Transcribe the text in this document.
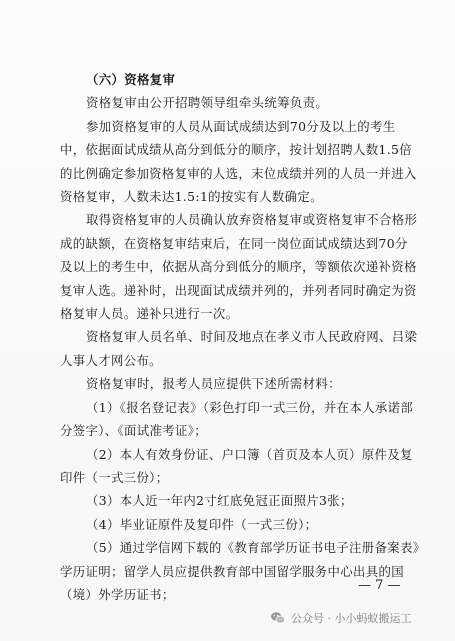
（六）资格复审

资格复审由公开招聘领导组牵头统筹负责。

参加资格复审的人员从面试成绩达到70分及以上的考生中，依据面试成绩从高分到低分的顺序，按计划招聘人数1.5倍的比例确定参加资格复审的人选，末位成绩并列的人员一并进入资格复审，人数未达1.5:1的按实有人数确定。

取得资格复审的人员确认放弃资格复审或资格复审不合格形成的缺额，在资格复审结束后，在同一岗位面试成绩达到70分及以上的考生中，依据从高分到低分的顺序，等额依次递补资格复审人选。递补时，出现面试成绩并列的，并列者同时确定为资格复审人员。递补只进行一次。

资格复审人员名单、时间及地点在孝义市人民政府网、吕梁人事人才网公布。

资格复审时，报考人员应提供下述所需材料：

（1）《报名登记表》（彩色打印一式三份，并在本人承诺部分签字）、《面试准考证》；

（2）本人有效身份证、户口簿（首页及本人页）原件及复印件（一式三份）；

（3）本人近一年内2寸红底免冠正面照片3张；

（4）毕业证原件及复印件（一式三份）；

（5）通过学信网下载的《教育部学历证书电子注册备案表》学历证明；留学人员应提供教育部中国留学服务中心出具的国（境）外学历证书；

— 7 —
公众号 · 小小蚂蚁搬运工
